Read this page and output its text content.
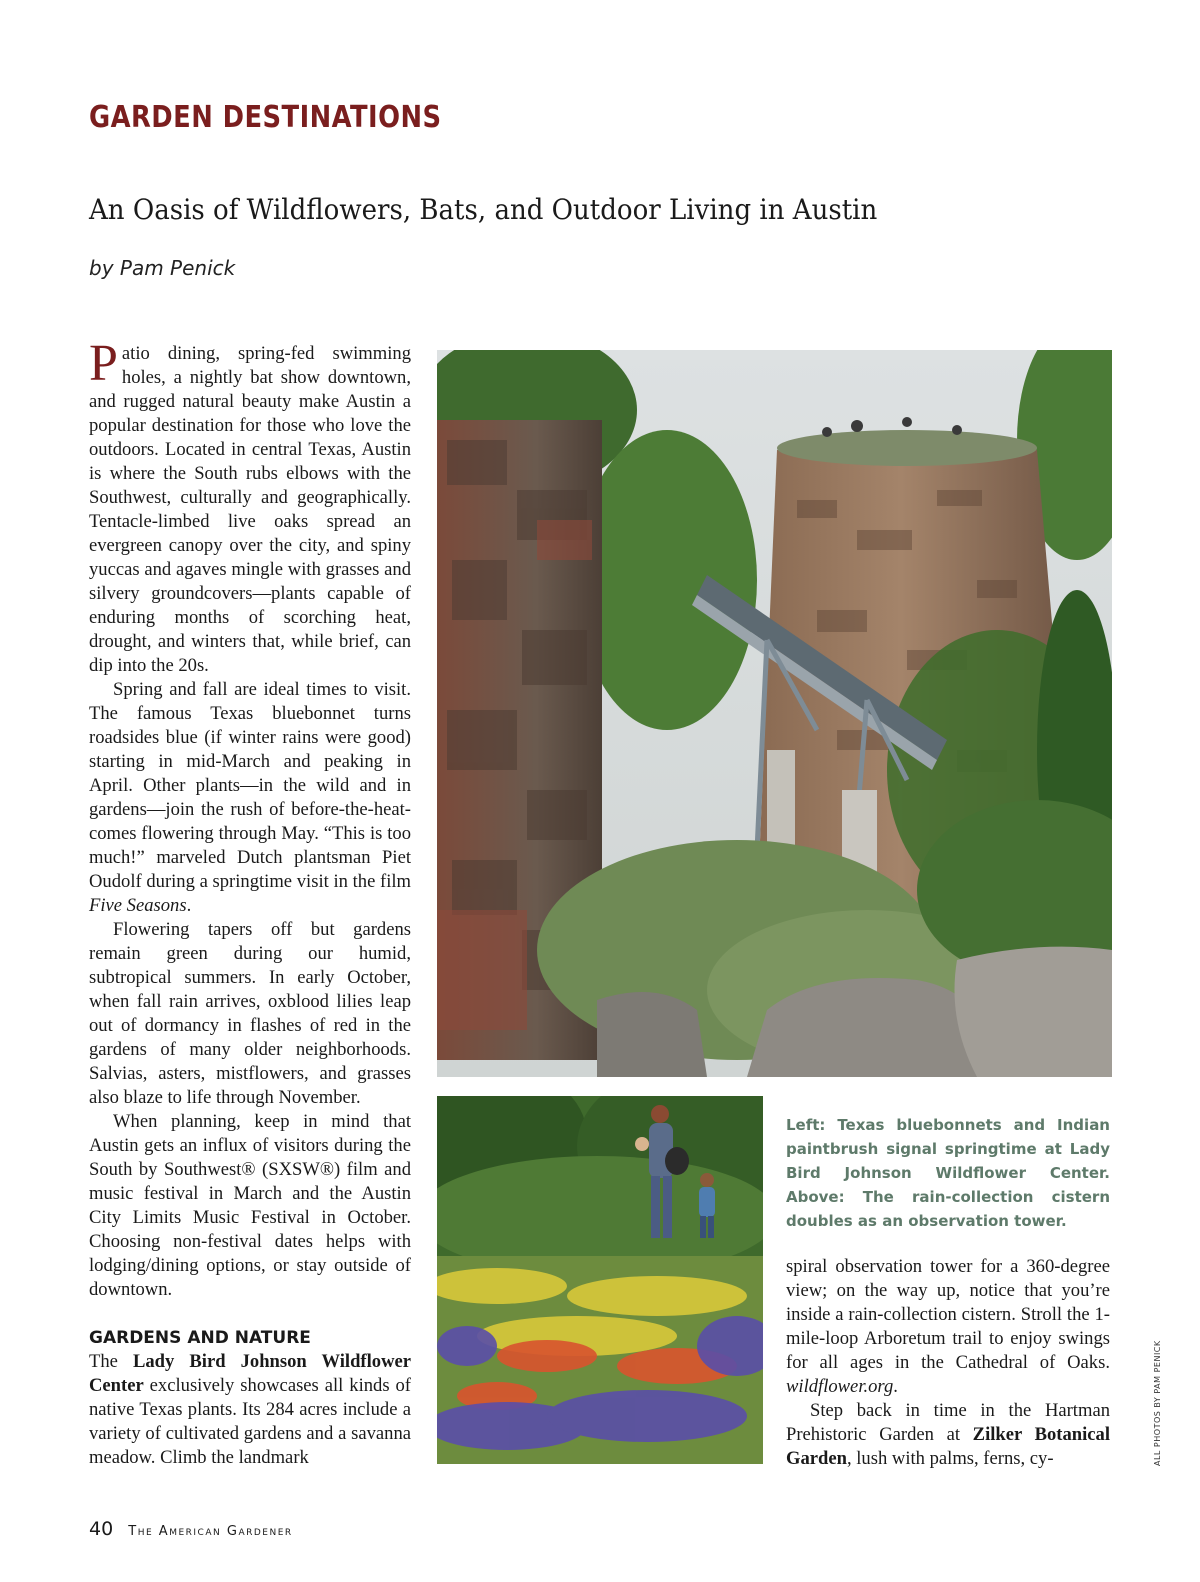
GARDEN DESTINATIONS
An Oasis of Wildflowers, Bats, and Outdoor Living in Austin
by Pam Penick

Patio dining, spring-fed swimming holes, a nightly bat show downtown, and rugged natural beauty make Austin a popular destination for those who love the outdoors. Located in central Texas, Austin is where the South rubs elbows with the Southwest, culturally and geographically. Tentacle-limbed live oaks spread an evergreen canopy over the city, and spiny yuccas and agaves mingle with grasses and silvery groundcovers—plants capable of enduring months of scorching heat, drought, and winters that, while brief, can dip into the 20s.

Spring and fall are ideal times to visit. The famous Texas bluebonnet turns roadsides blue (if winter rains were good) starting in mid-March and peaking in April. Other plants—in the wild and in gardens—join the rush of before-the-heat-comes flowering through May. “This is too much!” marveled Dutch plantsman Piet Oudolf during a springtime visit in the film Five Seasons.

Flowering tapers off but gardens remain green during our humid, subtropical summers. In early October, when fall rain arrives, oxblood lilies leap out of dormancy in flashes of red in the gardens of many older neighborhoods. Salvias, asters, mistflowers, and grasses also blaze to life through November.

When planning, keep in mind that Austin gets an influx of visitors during the South by Southwest® (SXSW®) film and music festival in March and the Austin City Limits Music Festival in October. Choosing non-festival dates helps with lodging/dining options, or stay outside of downtown.

GARDENS AND NATURE

The Lady Bird Johnson Wildflower Center exclusively showcases all kinds of native Texas plants. Its 284 acres include a variety of cultivated gardens and a savanna meadow. Climb the landmark

Left: Texas bluebonnets and Indian paintbrush signal springtime at Lady Bird Johnson Wildflower Center. Above: The rain-collection cistern doubles as an observation tower.

spiral observation tower for a 360-degree view; on the way up, notice that you’re inside a rain-collection cistern. Stroll the 1-mile-loop Arboretum trail to enjoy swings for all ages in the Cathedral of Oaks. wildflower.org.

Step back in time in the Hartman Prehistoric Garden at Zilker Botanical Garden, lush with palms, ferns, cy-	ALL PHOTOS BY PAM PENICK
40 The American Gardener
